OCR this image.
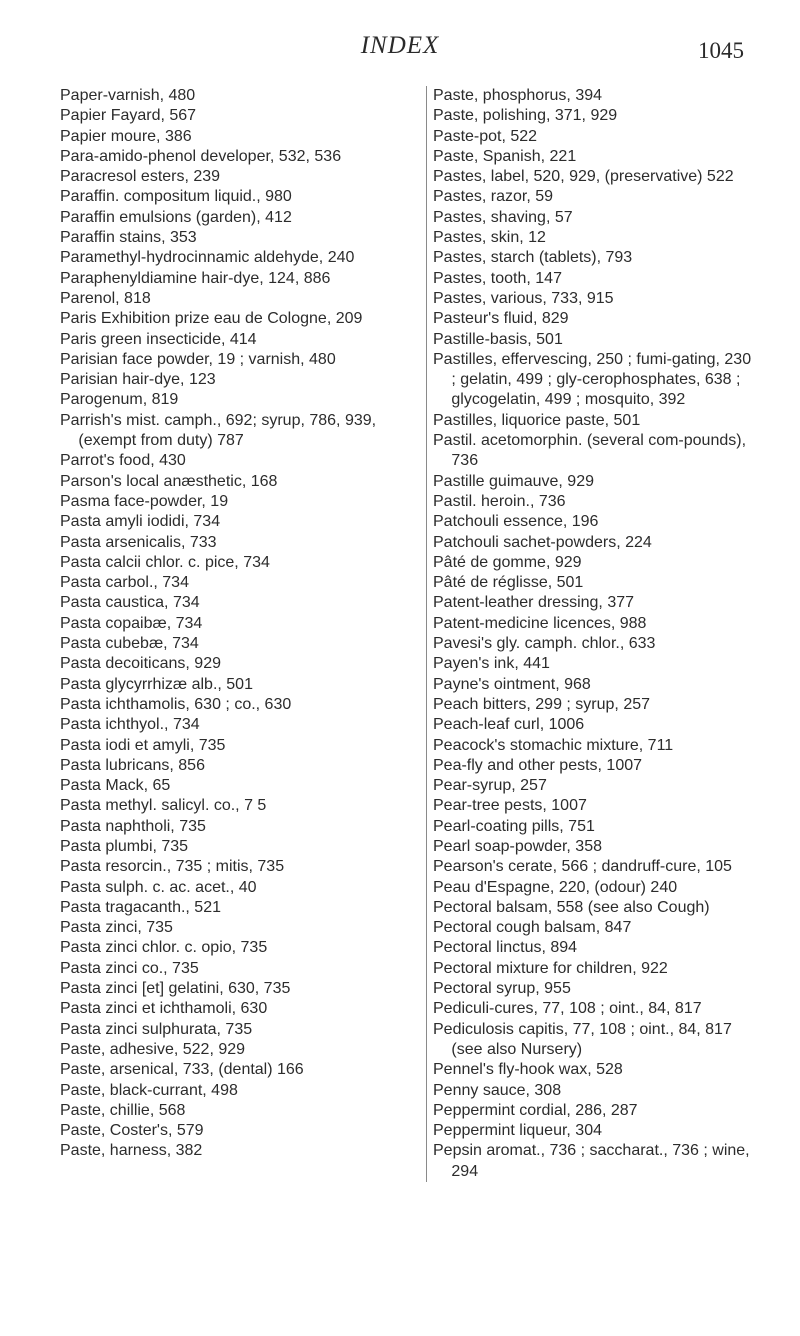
INDEX	1045

Paper-varnish, 480

Papier Fayard, 567

Papier moure, 386

Para-amido-phenol developer, 532, 536

Paracresol esters, 239

Paraffin. compositum liquid., 980

Paraffin emulsions (garden), 412

Paraffin stains, 353

Paramethyl-hydrocinnamic aldehyde, 240

Paraphenyldiamine hair-dye, 124, 886

Parenol, 818

Paris Exhibition prize eau de Cologne, 209

Paris green insecticide, 414

Parisian face powder, 19 ; varnish, 480

Parisian hair-dye, 123

Parogenum, 819

Parrish's mist. camph., 692; syrup, 786, 939, (exempt from duty) 787

Parrot's food, 430

Parson's local anæsthetic, 168

Pasma face-powder, 19

Pasta amyli iodidi, 734

Pasta arsenicalis, 733

Pasta calcii chlor. c. pice, 734

Pasta carbol., 734

Pasta caustica, 734

Pasta copaibæ, 734

Pasta cubebæ, 734

Pasta decoiticans, 929

Pasta glycyrrhizæ alb., 501

Pasta ichthamolis, 630 ; co., 630

Pasta ichthyol., 734

Pasta iodi et amyli, 735

Pasta lubricans, 856

Pasta Mack, 65

Pasta methyl. salicyl. co., 7 5

Pasta naphtholi, 735

Pasta plumbi, 735

Pasta resorcin., 735 ; mitis, 735

Pasta sulph. c. ac. acet., 40

Pasta tragacanth., 521

Pasta zinci, 735

Pasta zinci chlor. c. opio, 735

Pasta zinci co., 735

Pasta zinci [et] gelatini, 630, 735

Pasta zinci et ichthamoli, 630

Pasta zinci sulphurata, 735

Paste, adhesive, 522, 929

Paste, arsenical, 733, (dental) 166

Paste, black-currant, 498

Paste, chillie, 568

Paste, Coster's, 579

Paste, harness, 382

Paste, phosphorus, 394

Paste, polishing, 371, 929

Paste-pot, 522

Paste, Spanish, 221

Pastes, label, 520, 929, (preservative) 522

Pastes, razor, 59

Pastes, shaving, 57

Pastes, skin, 12

Pastes, starch (tablets), 793

Pastes, tooth, 147

Pastes, various, 733, 915

Pasteur's fluid, 829

Pastille-basis, 501

Pastilles, effervescing, 250 ; fumi-gating, 230 ; gelatin, 499 ; gly-cerophosphates, 638 ; glycogelatin, 499 ; mosquito, 392

Pastilles, liquorice paste, 501

Pastil. acetomorphin. (several com-pounds), 736

Pastille guimauve, 929

Pastil. heroin., 736

Patchouli essence, 196

Patchouli sachet-powders, 224

Pâté de gomme, 929

Pâté de réglisse, 501

Patent-leather dressing, 377

Patent-medicine licences, 988

Pavesi's gly. camph. chlor., 633

Payen's ink, 441

Payne's ointment, 968

Peach bitters, 299 ; syrup, 257

Peach-leaf curl, 1006

Peacock's stomachic mixture, 711

Pea-fly and other pests, 1007

Pear-syrup, 257

Pear-tree pests, 1007

Pearl-coating pills, 751

Pearl soap-powder, 358

Pearson's cerate, 566 ; dandruff-cure, 105

Peau d'Espagne, 220, (odour) 240

Pectoral balsam, 558 (see also Cough)

Pectoral cough balsam, 847

Pectoral linctus, 894

Pectoral mixture for children, 922

Pectoral syrup, 955

Pediculi-cures, 77, 108 ; oint., 84, 817

Pediculosis capitis, 77, 108 ; oint., 84, 817 (see also Nursery)

Pennel's fly-hook wax, 528

Penny sauce, 308

Peppermint cordial, 286, 287

Peppermint liqueur, 304

Pepsin aromat., 736 ; saccharat., 736 ; wine, 294
